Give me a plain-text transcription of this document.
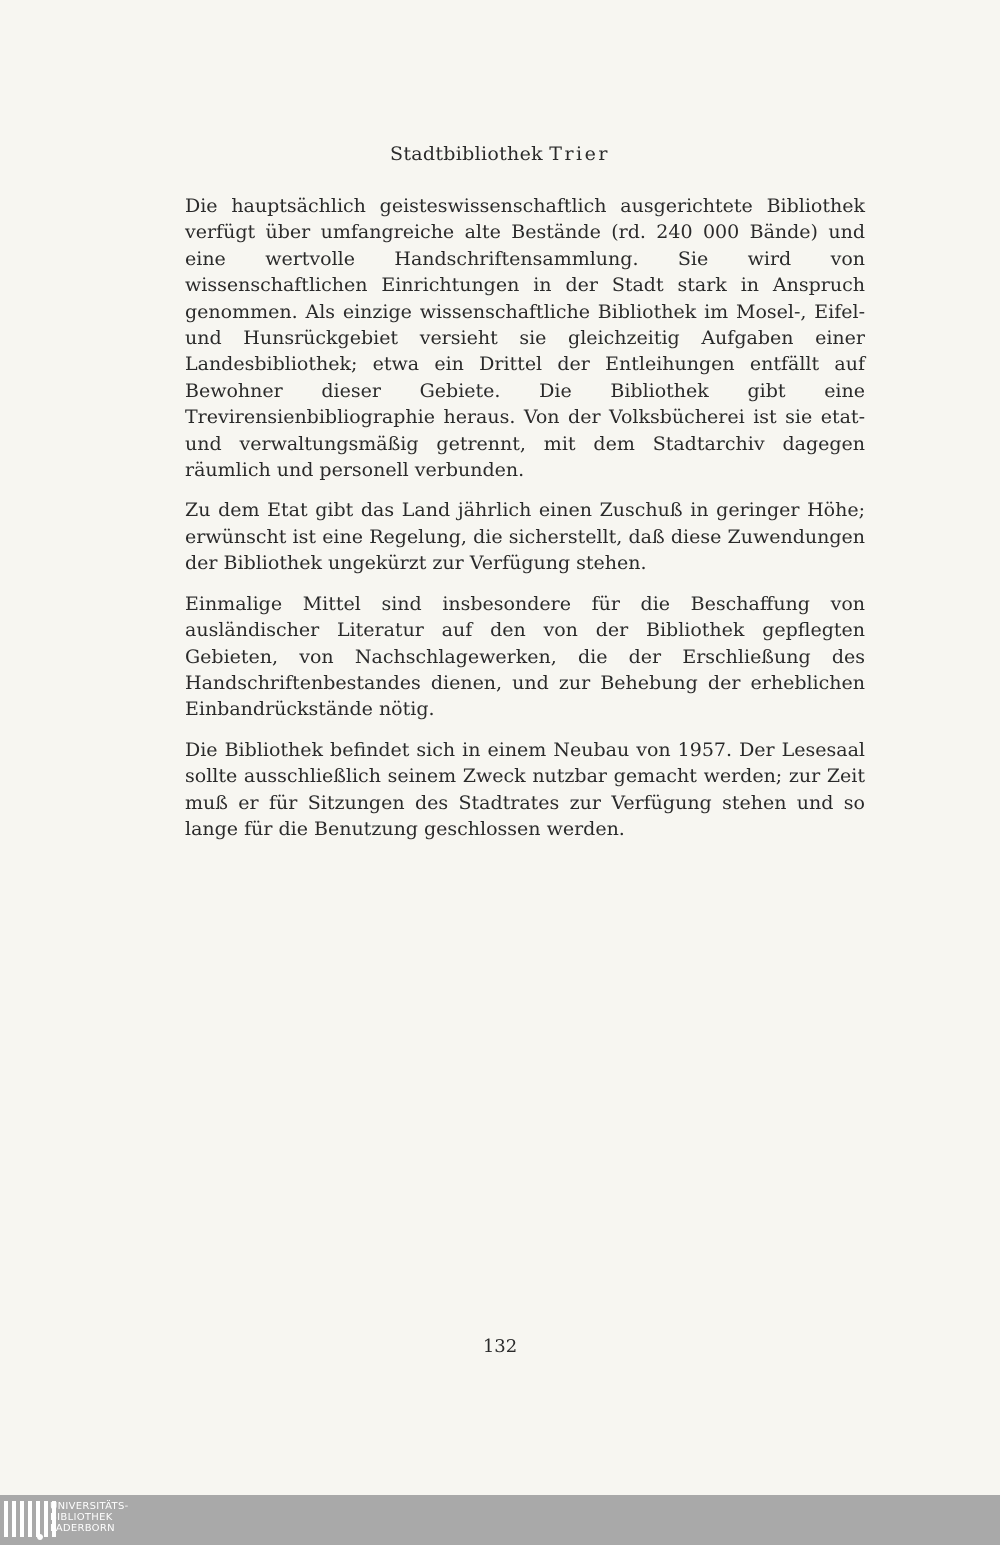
Stadtbibliothek Trier

Die hauptsächlich geisteswissenschaftlich ausgerichtete Bibliothek verfügt über umfangreiche alte Bestände (rd. 240 000 Bände) und eine wertvolle Handschriftensammlung. Sie wird von wissenschaftlichen Einrichtungen in der Stadt stark in Anspruch genommen. Als einzige wissenschaftliche Bibliothek im Mosel-, Eifel- und Hunsrückgebiet versieht sie gleichzeitig Aufgaben einer Landesbibliothek; etwa ein Drittel der Entleihungen entfällt auf Bewohner dieser Gebiete. Die Bibliothek gibt eine Trevirensienbibliographie heraus. Von der Volksbücherei ist sie etat- und verwaltungsmäßig getrennt, mit dem Stadtarchiv dagegen räumlich und personell verbunden.

Zu dem Etat gibt das Land jährlich einen Zuschuß in geringer Höhe; erwünscht ist eine Regelung, die sicherstellt, daß diese Zuwendungen der Bibliothek ungekürzt zur Verfügung stehen.

Einmalige Mittel sind insbesondere für die Beschaffung von ausländischer Literatur auf den von der Bibliothek gepflegten Gebieten, von Nachschlagewerken, die der Erschließung des Handschriftenbestandes dienen, und zur Behebung der erheblichen Einbandrückstände nötig.

Die Bibliothek befindet sich in einem Neubau von 1957. Der Lesesaal sollte ausschließlich seinem Zweck nutzbar gemacht werden; zur Zeit muß er für Sitzungen des Stadtrates zur Verfügung stehen und so lange für die Benutzung geschlossen werden.

132
UNIVERSITÄTS-
BIBLIOTHEK
PADERBORN
